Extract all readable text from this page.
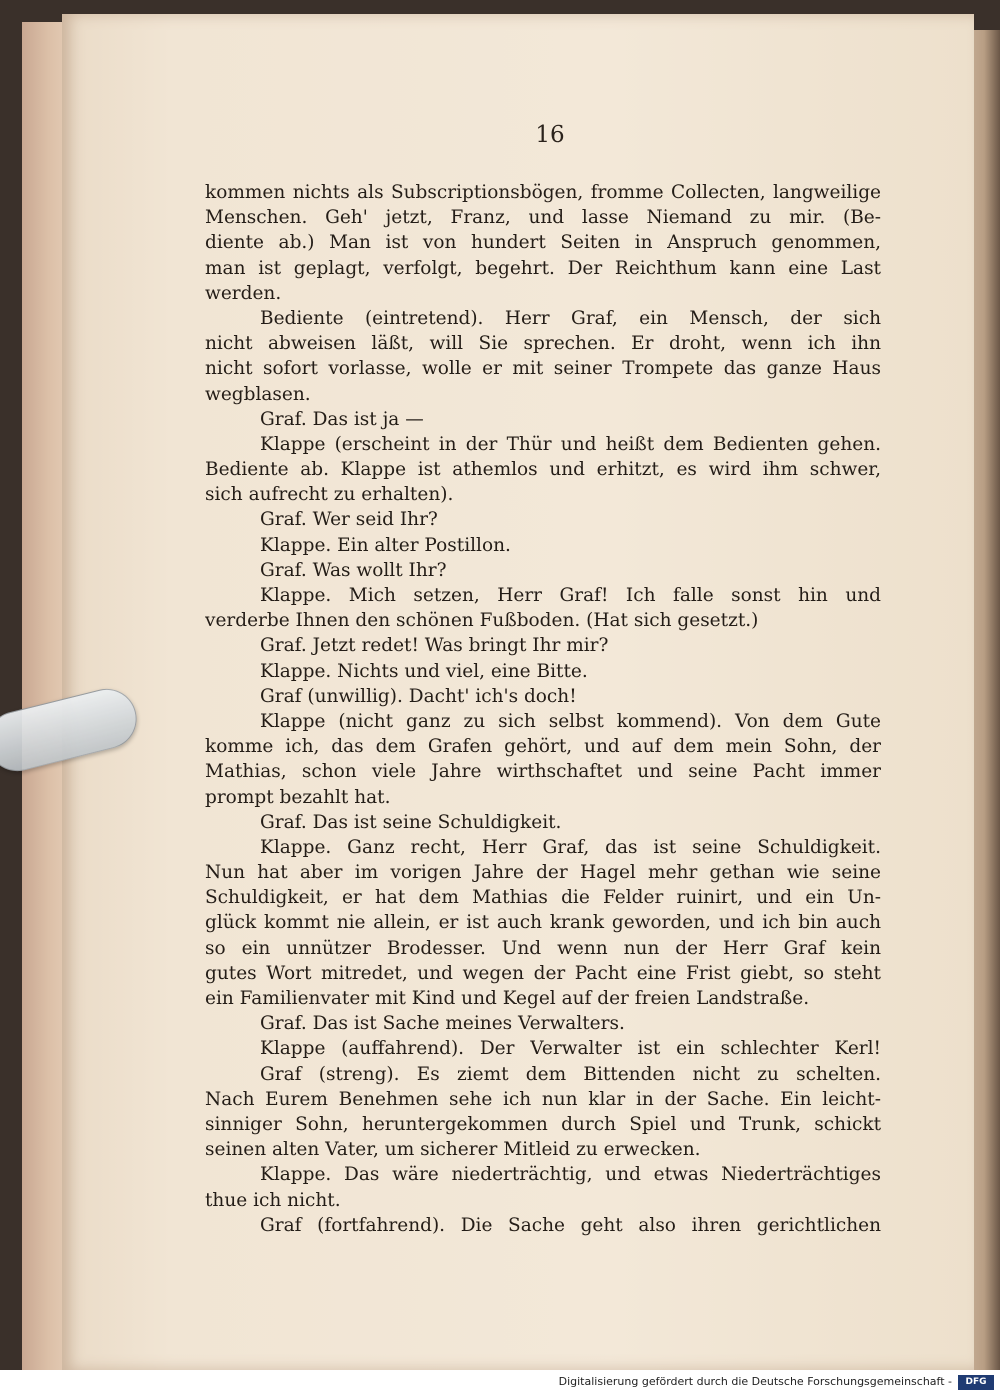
16
kommen nichts als Subscriptionsbögen, fromme Collecten, langweilige
Menschen. Geh' jetzt, Franz, und lasse Niemand zu mir. (Be-
diente ab.) Man ist von hundert Seiten in Anspruch genommen,
man ist geplagt, verfolgt, begehrt. Der Reichthum kann eine Last
werden.
Bediente (eintretend). Herr Graf, ein Mensch, der sich
nicht abweisen läßt, will Sie sprechen. Er droht, wenn ich ihn
nicht sofort vorlasse, wolle er mit seiner Trompete das ganze Haus
wegblasen.
Graf. Das ist ja —
Klappe (erscheint in der Thür und heißt dem Bedienten gehen.
Bediente ab. Klappe ist athemlos und erhitzt, es wird ihm schwer,
sich aufrecht zu erhalten).
Graf. Wer seid Ihr?
Klappe. Ein alter Postillon.
Graf. Was wollt Ihr?
Klappe. Mich setzen, Herr Graf! Ich falle sonst hin und
verderbe Ihnen den schönen Fußboden. (Hat sich gesetzt.)
Graf. Jetzt redet! Was bringt Ihr mir?
Klappe. Nichts und viel, eine Bitte.
Graf (unwillig). Dacht' ich's doch!
Klappe (nicht ganz zu sich selbst kommend). Von dem Gute
komme ich, das dem Grafen gehört, und auf dem mein Sohn, der
Mathias, schon viele Jahre wirthschaftet und seine Pacht immer
prompt bezahlt hat.
Graf. Das ist seine Schuldigkeit.
Klappe. Ganz recht, Herr Graf, das ist seine Schuldigkeit.
Nun hat aber im vorigen Jahre der Hagel mehr gethan wie seine
Schuldigkeit, er hat dem Mathias die Felder ruinirt, und ein Un-
glück kommt nie allein, er ist auch krank geworden, und ich bin auch
so ein unnützer Brodesser. Und wenn nun der Herr Graf kein
gutes Wort mitredet, und wegen der Pacht eine Frist giebt, so steht
ein Familienvater mit Kind und Kegel auf der freien Landstraße.
Graf. Das ist Sache meines Verwalters.
Klappe (auffahrend). Der Verwalter ist ein schlechter Kerl!
Graf (streng). Es ziemt dem Bittenden nicht zu schelten.
Nach Eurem Benehmen sehe ich nun klar in der Sache. Ein leicht-
sinniger Sohn, heruntergekommen durch Spiel und Trunk, schickt
seinen alten Vater, um sicherer Mitleid zu erwecken.
Klappe. Das wäre niederträchtig, und etwas Niederträchtiges
thue ich nicht.
Graf (fortfahrend). Die Sache geht also ihren gerichtlichen
Digitalisierung gefördert durch die Deutsche Forschungsgemeinschaft -	DFG
